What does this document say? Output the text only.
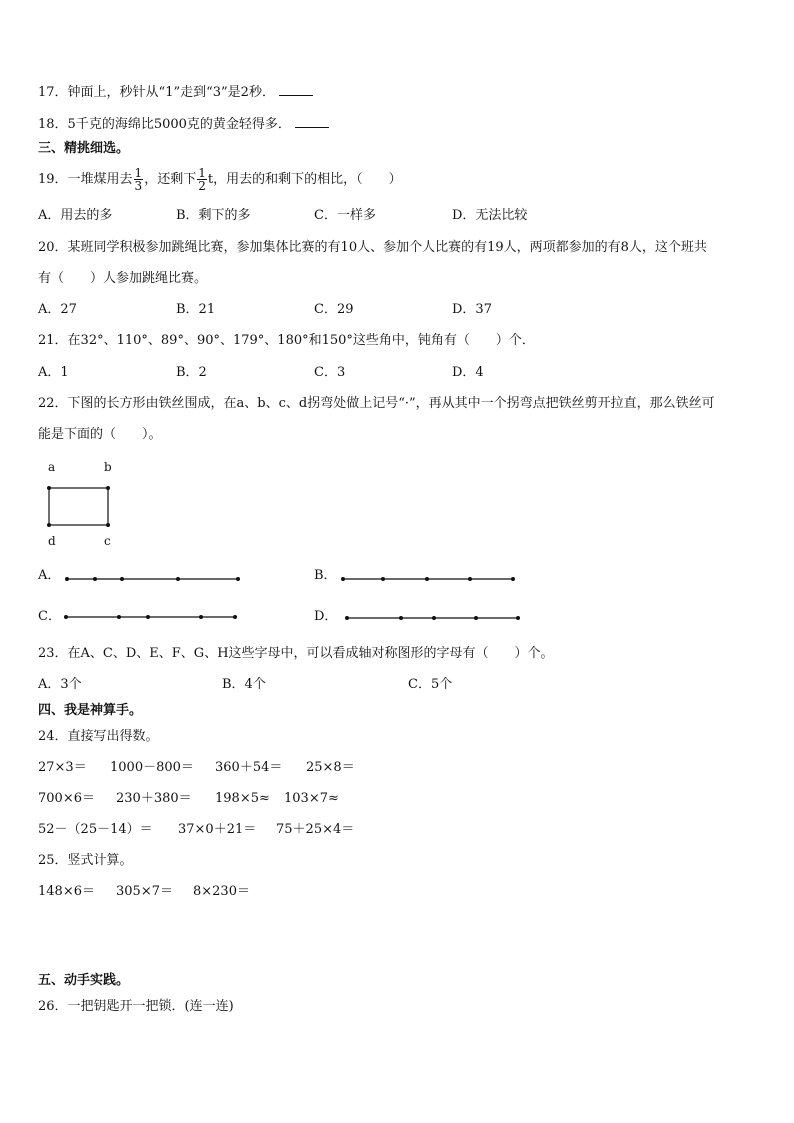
17．钟面上，秒针从“1”走到“3”是2秒．
18．5千克的海绵比5000克的黄金轻得多．
三、精挑细选。
19．一堆煤用去 $\frac{1}{3}$ ，还剩下 $\frac{1}{2}$ t，用去的和剩下的相比，（　　）
A．用去的多	B．剩下的多	C．一样多	D．无法比较
20．某班同学积极参加跳绳比赛，参加集体比赛的有10人、参加个人比赛的有19人，两项都参加的有8人，这个班共
有（　　）人参加跳绳比赛。
A．27	B．21	C．29	D．37
21．在32°、110°、89°、90°、179°、180°和150°这些角中，钝角有（　　）个．
A．1	B．2	C．3	D．4
22．下图的长方形由铁丝围成，在a、b、c、d拐弯处做上记号“·”，再从其中一个拐弯点把铁丝剪开拉直，那么铁丝可
能是下面的（　　）。
a	b
d	c
A．	B．
C．	D．
23．在A、C、D、E、F、G、H这些字母中，可以看成轴对称图形的字母有（　　）个。
A．3个	B．4个	C．5个
四、我是神算手。
24．直接写出得数。
27×3＝ 1000－800＝ 360＋54＝ 25×8＝
700×6＝ 230＋380＝ 198×5≈ 103×7≈
52－（25－14）＝ 37×0＋21＝ 75＋25×4＝
25．竖式计算。
148×6＝ 305×7＝ 8×230＝
五、动手实践。
26．一把钥匙开一把锁．(连一连)
